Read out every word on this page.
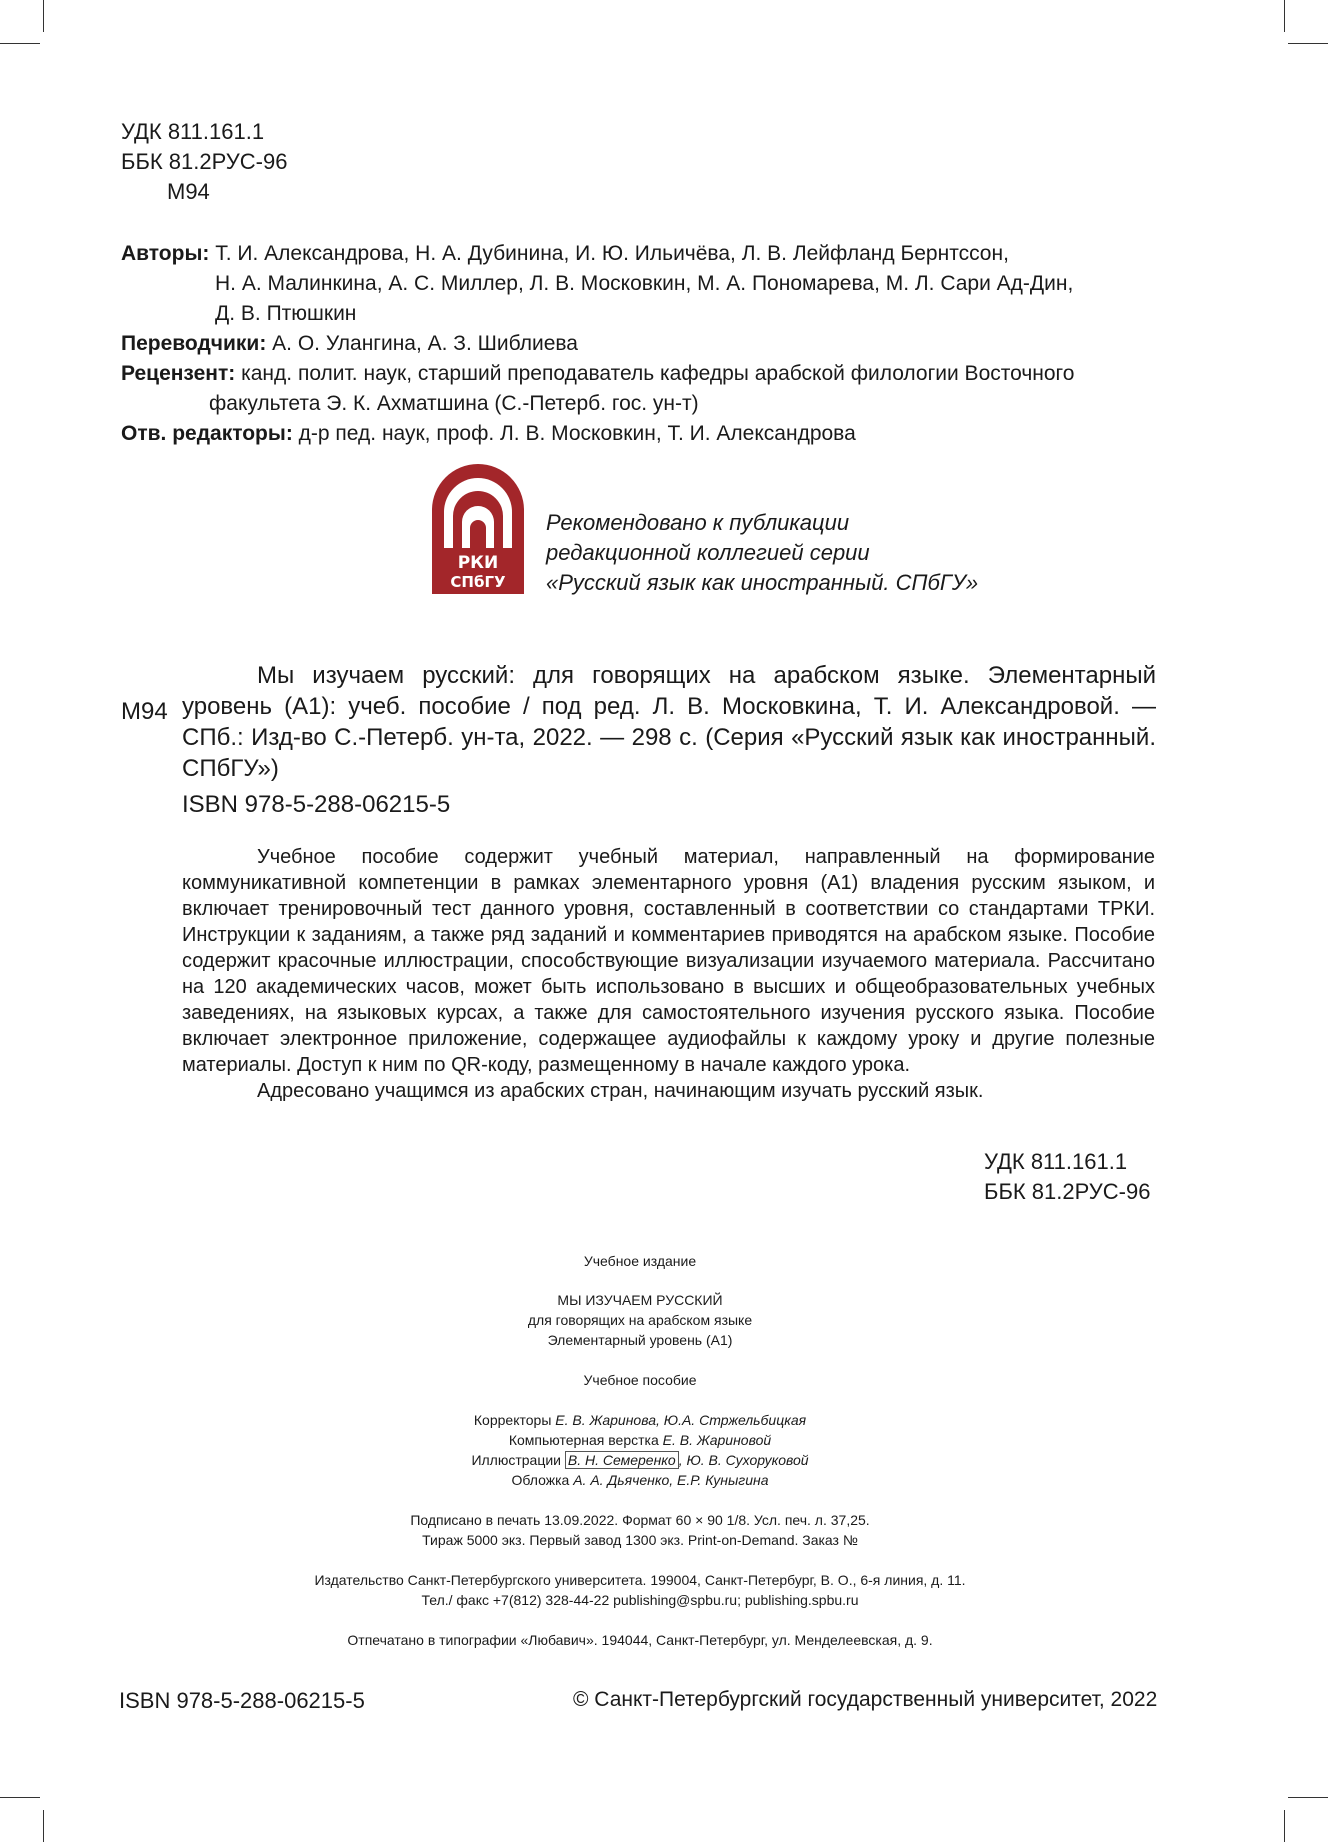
УДК 811.161.1
ББК 81.2РУС-96
М94
Авторы: Т. И. Александрова, Н. А. Дубинина, И. Ю. Ильичёва, Л. В. Лейфланд Бернтссон,
Н. А. Малинкина, А. С. Миллер, Л. В. Московкин, М. А. Пономарева, М. Л. Сари Ад-Дин,
Д. В. Птюшкин
Переводчики: А. О. Улангина, А. З. Шиблиева
Рецензент: канд. полит. наук, старший преподаватель кафедры арабской филологии Восточного
факультета Э. К. Ахматшина (С.-Петерб. гос. ун-т)
Отв. редакторы: д-р пед. наук, проф. Л. В. Московкин, Т. И. Александрова
РКИ
СПбГУ
Рекомендовано к публикации
редакционной коллегией серии
«Русский язык как иностранный. СПбГУ»
М94
Мы изучаем русский: для говорящих на арабском языке. Элементарный
уровень (А1): учеб. пособие / под ред. Л. В. Московкина, Т. И. Александровой. —
СПб.: Изд-во С.-Петерб. ун-та, 2022. — 298 с. (Серия «Русский язык как иностранный.
СПбГУ»)
ISBN 978-5-288-06215-5

Учебное пособие содержит учебный материал, направленный на формирование коммуникативной компетенции в рамках элементарного уровня (А1) владения русским языком, и включает тренировочный тест данного уровня, составленный в соответствии со стандартами ТРКИ. Инструкции к заданиям, а также ряд заданий и комментариев приводятся на арабском языке. Пособие содержит красочные иллюстрации, способствующие визуализации изучаемого материала. Рассчитано на 120 академических часов, может быть использовано в высших и общеобразовательных учебных заведениях, на языковых курсах, а также для самостоятельного изучения русского языка. Пособие включает электронное приложение, содержащее аудиофайлы к каждому уроку и другие полезные материалы. Доступ к ним по QR-коду, размещенному в начале каждого урока.

Адресовано учащимся из арабских стран, начинающим изучать русский язык.

УДК 811.161.1
ББК 81.2РУС-96
Учебное издание
МЫ ИЗУЧАЕМ РУССКИЙ
для говорящих на арабском языке
Элементарный уровень (А1)
Учебное пособие
Корректоры Е. В. Жаринова, Ю.А. Стржельбицкая
Компьютерная верстка Е. В. Жариновой
Иллюстрации В. Н. Семеренко , Ю. В. Сухоруковой
Обложка А. А. Дьяченко, Е.Р. Куныгина
Подписано в печать 13.09.2022. Формат 60 × 90 1/8. Усл. печ. л. 37,25.
Тираж 5000 экз. Первый завод 1300 экз. Print-on-Demand. Заказ №
Издательство Санкт-Петербургского университета. 199004, Санкт-Петербург, В. О., 6-я линия, д. 11.
Тел./ факс +7(812) 328-44-22 publishing@spbu.ru; publishing.spbu.ru
Отпечатано в типографии «Любавич». 194044, Санкт-Петербург, ул. Менделеевская, д. 9.
ISBN 978-5-288-06215-5	© Санкт-Петербургский государственный университет, 2022
